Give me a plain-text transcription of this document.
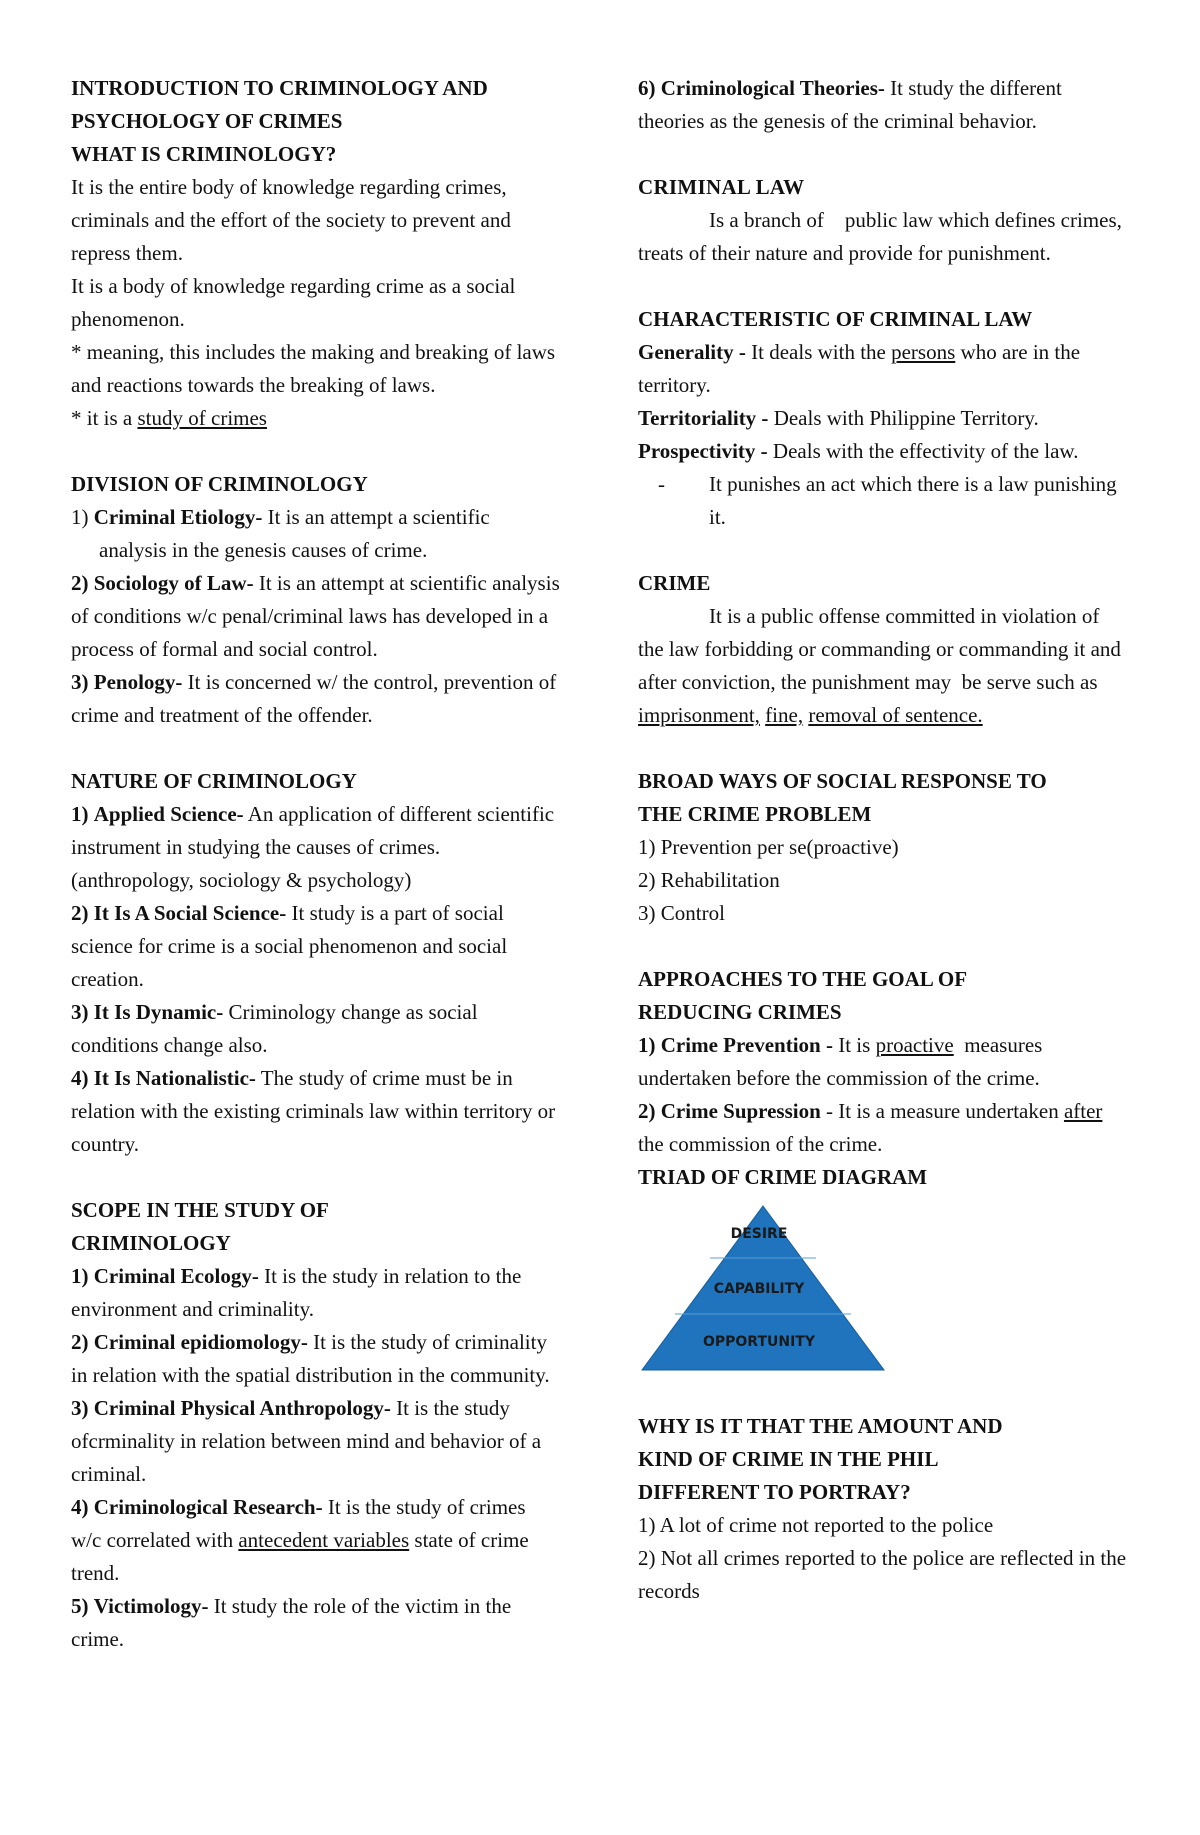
INTRODUCTION TO CRIMINOLOGY AND

PSYCHOLOGY OF CRIMES

WHAT IS CRIMINOLOGY?

It is the entire body of knowledge regarding crimes, criminals and the effort of the society to prevent and repress them.

It is a body of knowledge regarding crime as a social phenomenon.

* meaning, this includes the making and breaking of laws and reactions towards the breaking of laws.

* it is a study of crimes

DIVISION OF CRIMINOLOGY

1) Criminal Etiology- It is an attempt a scientific analysis in the genesis causes of crime.

2) Sociology of Law- It is an attempt at scientific analysis of conditions w/c penal/criminal laws has developed in a process of formal and social control.

3) Penology- It is concerned w/ the control, prevention of crime and treatment of the offender.

NATURE OF CRIMINOLOGY

1) Applied Science- An application of different scientific instrument in studying the causes of crimes. (anthropology, sociology & psychology)

2) It Is A Social Science- It study is a part of social science for crime is a social phenomenon and social creation.

3) It Is Dynamic- Criminology change as social conditions change also.

4) It Is Nationalistic- The study of crime must be in relation with the existing criminals law within territory or country.

SCOPE IN THE STUDY OF

CRIMINOLOGY

1) Criminal Ecology- It is the study in relation to the environment and criminality.

2) Criminal epidiomology- It is the study of criminality in relation with the spatial distribution in the community.

3) Criminal Physical Anthropology- It is the study ofcrminality in relation between mind and behavior of a criminal.

4) Criminological Research- It is the study of crimes w/c correlated with antecedent variables state of crime trend.

5) Victimology- It study the role of the victim in the crime.

6) Criminological Theories- It study the different theories as the genesis of the criminal behavior.

CRIMINAL LAW

Is a branch of    public law which defines crimes, treats of their nature and provide for punishment.

CHARACTERISTIC OF CRIMINAL LAW

Generality - It deals with the persons who are in the territory.

Territoriality - Deals with Philippine Territory.

Prospectivity - Deals with the effectivity of the law.

-	It punishes an act which there is a law punishing it.

CRIME

It is a public offense committed in violation of the law forbidding or commanding or commanding it and after conviction, the punishment may  be serve such as imprisonment, fine, removal of sentence.

BROAD WAYS OF SOCIAL RESPONSE TO

THE CRIME PROBLEM

1) Prevention per se(proactive)

2) Rehabilitation

3) Control

APPROACHES TO THE GOAL OF

REDUCING CRIMES

1) Crime Prevention - It is proactive  measures undertaken before the commission of the crime.

2) Crime Supression - It is a measure undertaken after the commission of the crime.

TRIAD OF CRIME DIAGRAM

DESIRE
CAPABILITY
OPPORTUNITY

WHY IS IT THAT THE AMOUNT AND

KIND OF CRIME IN THE PHIL

DIFFERENT TO PORTRAY?

1) A lot of crime not reported to the police

2) Not all crimes reported to the police are reflected in the records
